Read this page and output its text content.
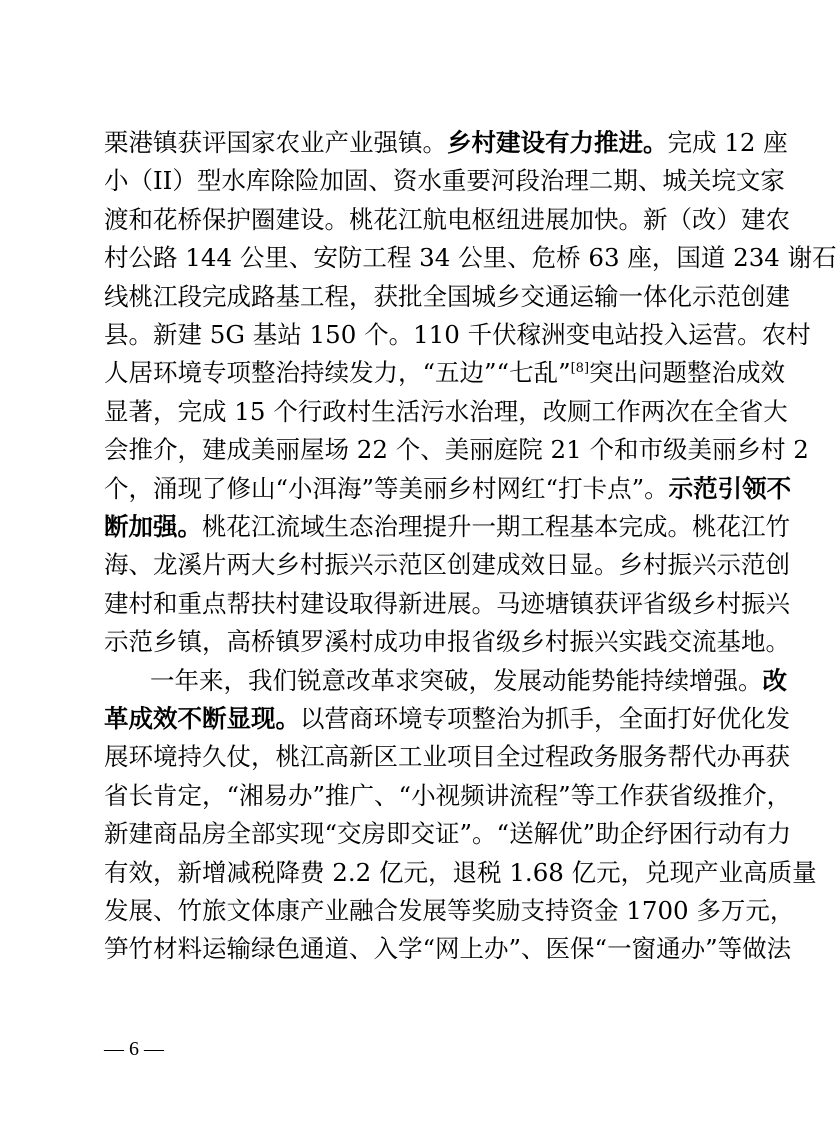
栗港镇获评国家农业产业强镇。乡村建设有力推进。完成 12 座
小（II）型水库除险加固、资水重要河段治理二期、城关垸文家
渡和花桥保护圈建设。桃花江航电枢纽进展加快。新（改）建农
村公路 144 公里、安防工程 34 公里、危桥 63 座，国道 234 谢石
线桃江段完成路基工程，获批全国城乡交通运输一体化示范创建
县。新建 5G 基站 150 个。110 千伏稼洲变电站投入运营。农村
人居环境专项整治持续发力，“五边”“七乱”[8]突出问题整治成效
显著，完成 15 个行政村生活污水治理，改厕工作两次在全省大
会推介，建成美丽屋场 22 个、美丽庭院 21 个和市级美丽乡村 2
个，涌现了修山“小洱海”等美丽乡村网红“打卡点”。示范引领不
断加强。桃花江流域生态治理提升一期工程基本完成。桃花江竹
海、龙溪片两大乡村振兴示范区创建成效日显。乡村振兴示范创
建村和重点帮扶村建设取得新进展。马迹塘镇获评省级乡村振兴
示范乡镇，高桥镇罗溪村成功申报省级乡村振兴实践交流基地。
一年来，我们锐意改革求突破，发展动能势能持续增强。改
革成效不断显现。以营商环境专项整治为抓手，全面打好优化发
展环境持久仗，桃江高新区工业项目全过程政务服务帮代办再获
省长肯定，“湘易办”推广、“小视频讲流程”等工作获省级推介，
新建商品房全部实现“交房即交证”。“送解优”助企纾困行动有力
有效，新增减税降费 2.2 亿元，退税 1.68 亿元，兑现产业高质量
发展、竹旅文体康产业融合发展等奖励支持资金 1700 多万元，
笋竹材料运输绿色通道、入学“网上办”、医保“一窗通办”等做法
— 6 —
